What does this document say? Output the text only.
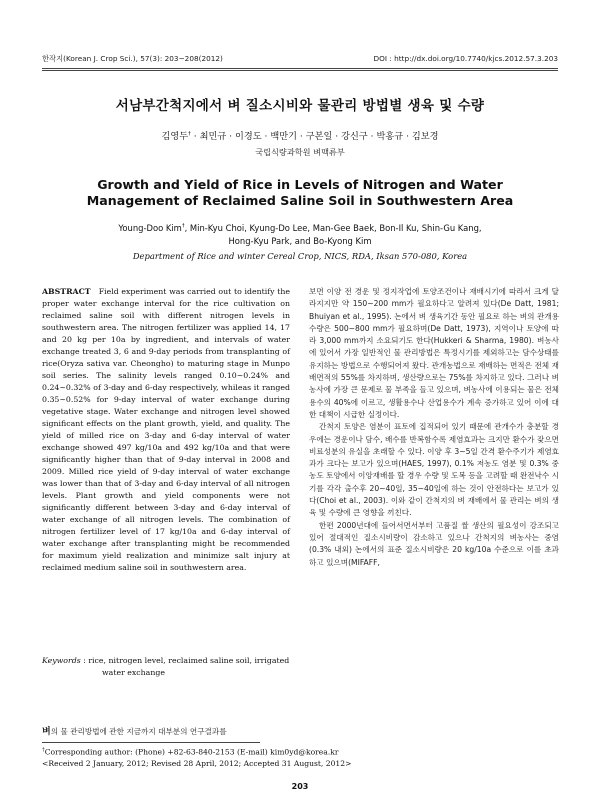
한작지(Korean J. Crop Sci.), 57(3): 203~208(2012)	DOI : http://dx.doi.org/10.7740/kjcs.2012.57.3.203
서남부간척지에서 벼 질소시비와 물관리 방법별 생육 및 수량
김영두† · 최민규 · 이경도 · 백만기 · 구본일 · 강신구 · 박홍규 · 김보경
국립식량과학원 벼맥류부
Growth and Yield of Rice in Levels of Nitrogen and Water Management of Reclaimed Saline Soil in Southwestern Area
Young-Doo Kim†, Min-Kyu Choi, Kyung-Do Lee, Man-Gee Baek, Bon-Il Ku, Shin-Gu Kang,
Hong-Kyu Park, and Bo-Kyong Kim
Department of Rice and winter Cereal Crop, NICS, RDA, Iksan 570-080, Korea
ABSTRACT Field experiment was carried out to identify the proper water exchange interval for the rice cultivation on reclaimed saline soil with different nitrogen levels in southwestern area. The nitrogen fertilizer was applied 14, 17 and 20 kg per 10a by ingredient, and intervals of water exchange treated 3, 6 and 9-day periods from transplanting of rice(Oryza sativa var. Cheongho) to maturing stage in Munpo soil series. The salinity levels ranged 0.10~0.24% and 0.24~0.32% of 3-day and 6-day respectively, whileas it ranged 0.35~0.52% for 9-day interval of water exchange during vegetative stage. Water exchange and nitrogen level showed significant effects on the plant growth, yield, and quality. The yield of milled rice on 3-day and 6-day interval of water exchange showed 497 kg/10a and 492 kg/10a and that were significantly higher than that of 9-day interval in 2008 and 2009. Milled rice yield of 9-day interval of water exchange was lower than that of 3-day and 6-day interval of all nitrogen levels. Plant growth and yield components were not significantly different between 3-day and 6-day interval of water exchange of all nitrogen levels. The combination of nitrogen fertilizer level of 17 kg/10a and 6-day interval of water exchange after transplanting might be recommended for maximum yield realization and minimize salt injury at reclaimed medium saline soil in southwestern area.
Keywords : rice, nitrogen level, reclaimed saline soil, irrigated
water exchange
벼의 물 관리방법에 관한 지금까지 대부분의 연구결과를

보면 이양 전 경운 및 정지작업에 토양조건이나 재배시기에 따라서 크게 달라지지만 약 150~200 mm가 필요하다고 알려져 있다(De Datt, 1981; Bhuiyan et al., 1995). 논에서 벼 생육기간 동안 필요로 하는 벼의 관개용수량은 500~800 mm가 필요하며(De Datt, 1973), 지역이나 토양에 따라 3,000 mm까지 소요되기도 한다(Hukkeri & Sharma, 1980). 벼농사에 있어서 가장 일반적인 물 관리방법은 특정시기를 제외하고는 담수상태를 유지하는 방법으로 수행되어져 왔다. 관개농법으로 재배하는 면적은 전체 재배면적의 55%를 차지하며, 생산량으로는 75%를 차지하고 있다. 그러나 벼농사에 가장 큰 문제로 물 부족을 들고 있으며, 벼농사에 이용되는 물은 전체용수의 40%에 이르고, 생활용수나 산업용수가 계속 증가하고 있어 이에 대한 대책이 시급한 실정이다.

간척지 토양은 염분이 표토에 집적되어 있기 때문에 관개수가 충분할 경우에는 경운이나 담수, 배수를 반복함수록 제염효과는 크지만 환수가 잦으면 비료성분의 유실을 초래할 수 있다. 이양 후 3~5일 간격 환수주기가 제염효과가 크다는 보고가 있으며(HAES, 1997), 0.1% 저농도 염분 및 0.3% 중농도 토양에서 이앙재배를 할 경우 수량 및 도복 등을 고려할 때 완전낙수 시기를 각각 출수후 20~40일, 35~40일에 하는 것이 안전하다는 보고가 있다(Choi et al., 2003). 이와 같이 간척지의 벼 재배에서 물 관리는 벼의 생육 및 수량에 큰 영향을 끼친다.

한편 2000년대에 들어서면서부터 고품질 쌀 생산의 필요성이 강조되고 있어 절대적인 질소시비량이 감소하고 있으나 간척지의 벼농사는 중염(0.3% 내외) 논에서의 표준 질소시비량은 20 kg/10a 수준으로 이를 초과하고 있으며(MIFAFF,

†Corresponding author: (Phone) +82-63-840-2153 (E-mail) kim0yd@korea.kr
<Received 2 January, 2012; Revised 28 April, 2012; Accepted 31 August, 2012>
203
